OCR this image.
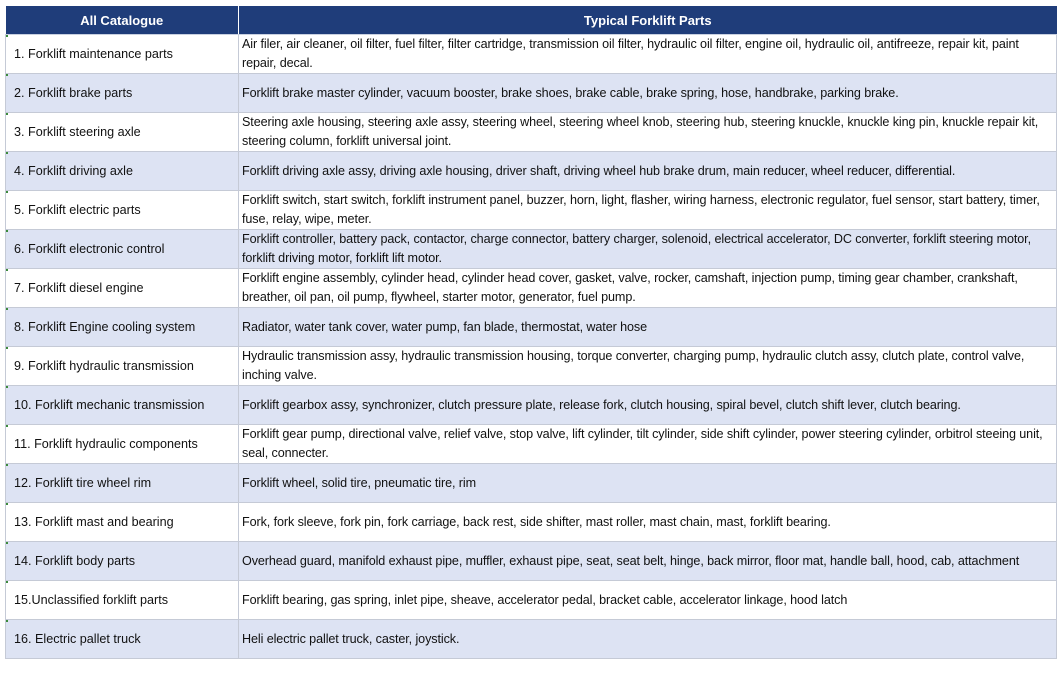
All Catalogue	Typical Forklift Parts
1. Forklift maintenance parts	Air filer, air cleaner, oil filter, fuel filter, filter cartridge, transmission oil filter, hydraulic oil filter, engine oil, hydraulic oil, antifreeze, repair kit, paint repair, decal.
2. Forklift brake parts	Forklift brake master cylinder, vacuum booster, brake shoes, brake cable, brake spring, hose, handbrake, parking brake.
3. Forklift steering axle	Steering axle housing, steering axle assy, steering wheel, steering wheel knob, steering hub, steering knuckle, knuckle king pin, knuckle repair kit, steering column, forklift universal joint.
4. Forklift driving axle	Forklift driving axle assy, driving axle housing, driver shaft, driving wheel hub brake drum, main reducer, wheel reducer, differential.
5. Forklift electric parts	Forklift switch, start switch, forklift instrument panel, buzzer, horn, light, flasher, wiring harness, electronic regulator, fuel sensor, start battery, timer, fuse, relay, wipe, meter.
6. Forklift electronic control	Forklift controller, battery pack, contactor, charge connector, battery charger, solenoid, electrical accelerator, DC converter, forklift steering motor, forklift driving motor, forklift lift motor.
7. Forklift diesel engine	Forklift engine assembly, cylinder head, cylinder head cover, gasket, valve, rocker, camshaft, injection pump, timing gear chamber, crankshaft, breather, oil pan, oil pump, flywheel, starter motor, generator, fuel pump.
8. Forklift Engine cooling system	Radiator, water tank cover, water pump, fan blade, thermostat, water hose
9. Forklift hydraulic transmission	Hydraulic transmission assy, hydraulic transmission housing, torque converter, charging pump, hydraulic clutch assy, clutch plate, control valve, inching valve.
10. Forklift mechanic transmission	Forklift gearbox assy, synchronizer, clutch pressure plate, release fork, clutch housing, spiral bevel, clutch shift lever, clutch bearing.
11. Forklift hydraulic components	Forklift gear pump, directional valve, relief valve, stop valve, lift cylinder, tilt cylinder, side shift cylinder, power steering cylinder, orbitrol steeing unit, seal, connecter.
12. Forklift tire wheel rim	Forklift wheel, solid tire, pneumatic tire, rim
13. Forklift mast and bearing	Fork, fork sleeve, fork pin, fork carriage, back rest, side shifter, mast roller, mast chain, mast, forklift bearing.
14. Forklift body parts	Overhead guard, manifold exhaust pipe, muffler, exhaust pipe, seat, seat belt, hinge, back mirror, floor mat, handle ball, hood, cab, attachment
15.Unclassified forklift parts	Forklift bearing, gas spring, inlet pipe, sheave, accelerator pedal, bracket cable, accelerator linkage, hood latch
16. Electric pallet truck	Heli electric pallet truck, caster, joystick.
